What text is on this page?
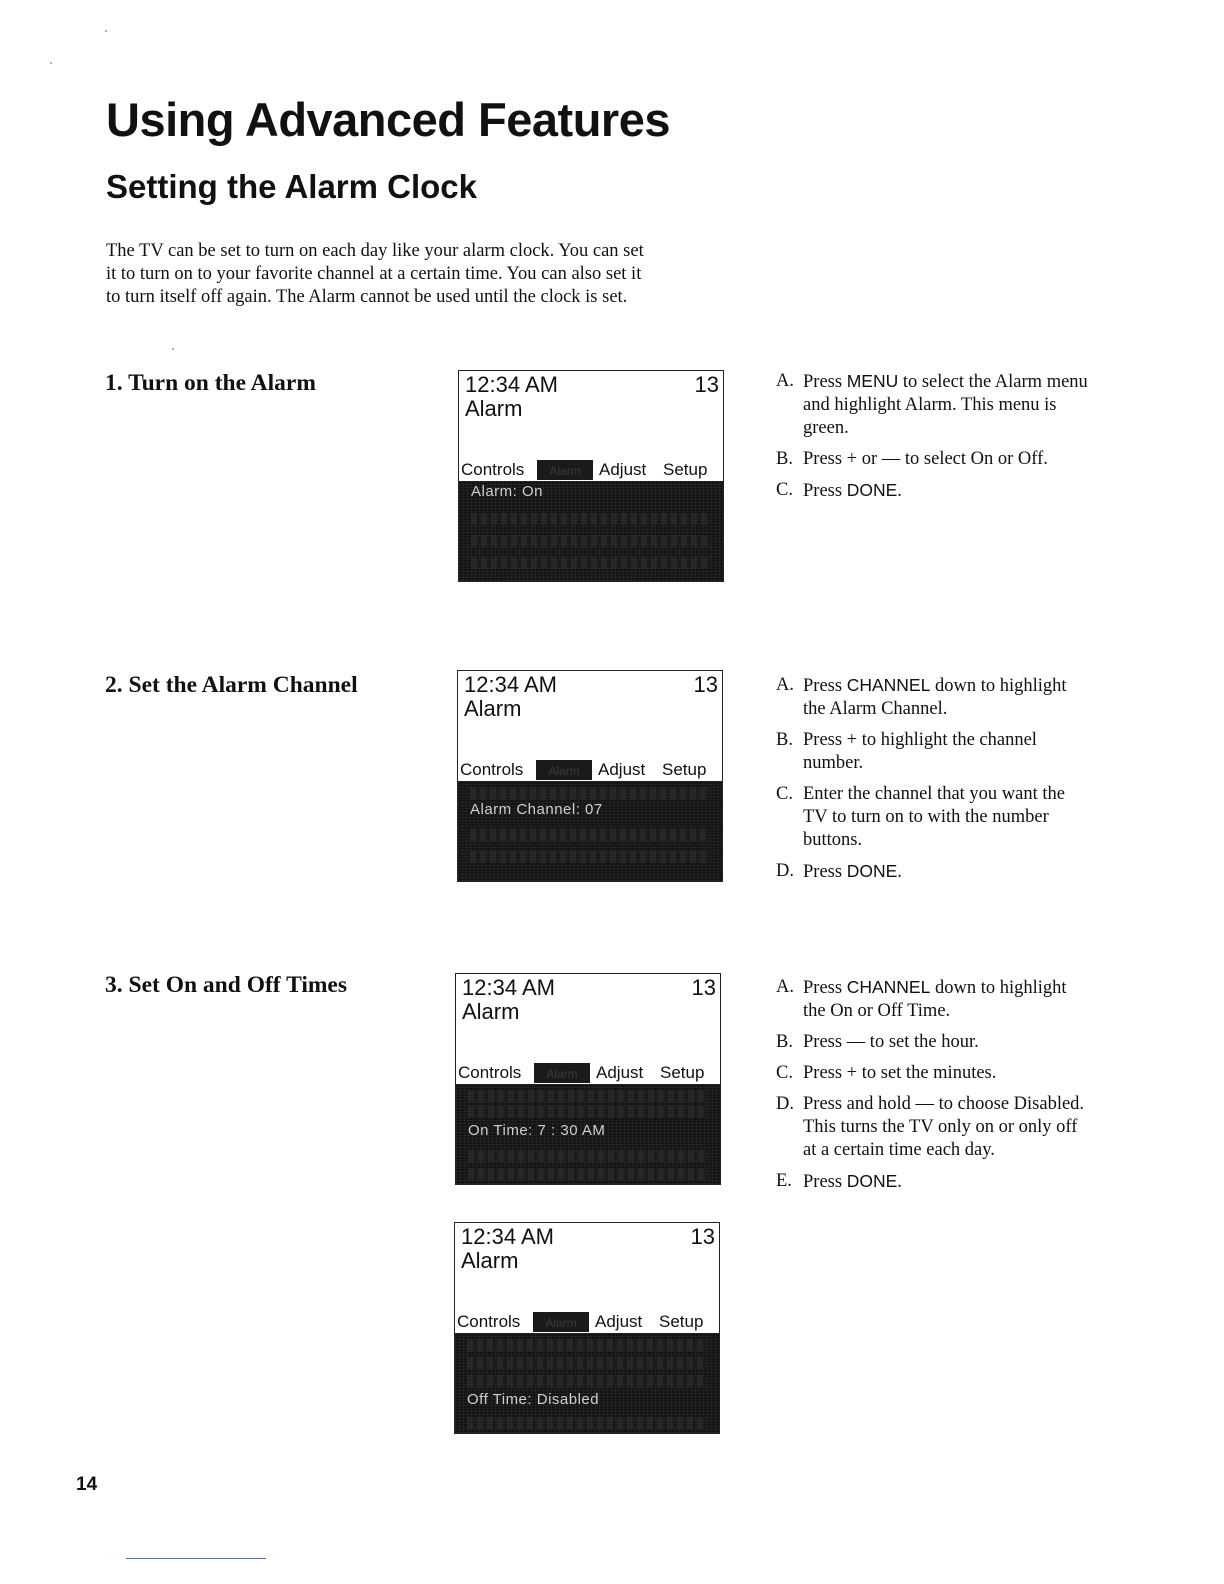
Using Advanced Features
Setting the Alarm Clock

The TV can be set to turn on each day like your alarm clock. You can set
it to turn on to your favorite channel at a certain time. You can also set it
to turn itself off again. The Alarm cannot be used until the clock is set.

1. Turn on the Alarm	12:34 AM	13
Alarm
Controls	Alarm	Adjust Setup
Alarm: On
A. Press MENU to select the Alarm menu and highlight Alarm. This menu is green.
B. Press + or — to select On or Off.
C. Press DONE.
2. Set the Alarm Channel	12:34 AM	13
Alarm
Controls	Alarm	Adjust Setup
Alarm Channel: 07
A. Press CHANNEL down to highlight the Alarm Channel.
B. Press + to highlight the channel number.
C. Enter the channel that you want the TV to turn on to with the number buttons.
D. Press DONE.
3. Set On and Off Times	12:34 AM	13
Alarm
Controls	Alarm	Adjust Setup
On Time: 7 : 30 AM
12:34 AM	13
Alarm
Controls	Alarm	Adjust Setup
Off Time: Disabled
A. Press CHANNEL down to highlight the On or Off Time.
B. Press — to set the hour.
C. Press + to set the minutes.
D. Press and hold — to choose Disabled. This turns the TV only on or only off at a certain time each day.
E. Press DONE.

14
